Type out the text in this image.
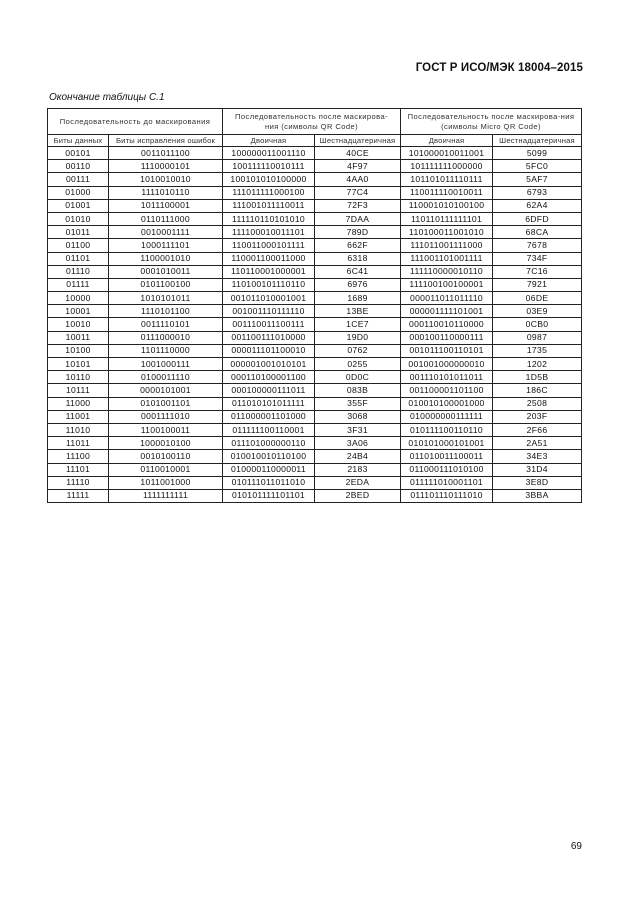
ГОСТ Р ИСО/МЭК 18004–2015
Окончание таблицы С.1
Последовательность до маскирования		Последовательность после маскирова-ния (символы QR Code)		Последовательность после маскирова-ния (символы Micro QR Code)	
Биты данных	Биты исправления ошибок	Двоичная	Шестнадцатеричная	Двоичная	Шестнадцатеричная
00101	0011011100	100000011001110	40CE	101000010011001	5099
00110	1110000101	100111110010111	4F97	101111111000000	5FC0
00111	1010010010	100101010100000	4AA0	101101011110111	5AF7
01000	1111010110	111011111000100	77C4	110011110010011	6793
01001	1011100001	111001011110011	72F3	110001010100100	62A4
01010	0110111000	111110110101010	7DAA	110110111111101	6DFD
01011	0010001111	111100010011101	789D	110100011001010	68CA
01100	1000111101	110011000101111	662F	111011001111000	7678
01101	1100001010	110001100011000	6318	111001101001111	734F
01110	0001010011	110110001000001	6C41	111110000010110	7C16
01111	0101100100	110100101110110	6976	111100100100001	7921
10000	1010101011	001011010001001	1689	000011011011110	06DE
10001	1110101100	001001110111110	13BE	000001111101001	03E9
10010	0011110101	001110011100111	1CE7	000110010110000	0CB0
10011	0111000010	001100111010000	19D0	000100110000111	0987
10100	1101110000	000011101100010	0762	001011100110101	1735
10101	1001000111	000001001010101	0255	001001000000010	1202
10110	0100011110	000110100001100	0D0C	001110101011011	1D5B
10111	0000101001	000100000111011	083B	001100001101100	186C
11000	0101001101	011010101011111	355F	010010100001000	2508
11001	0001111010	011000001101000	3068	010000000111111	203F
11010	1100100011	011111100110001	3F31	010111100110110	2F66
11011	1000010100	011101000000110	3A06	010101000101001	2A51
11100	0010100110	010010010110100	24B4	011010011100011	34E3
11101	0110010001	010000110000011	2183	011000111010100	31D4
11110	1011001000	010111011011010	2EDA	011111010001101	3E8D
11111	1111111111	010101111101101	2BED	011101110111010	3BBA
69
